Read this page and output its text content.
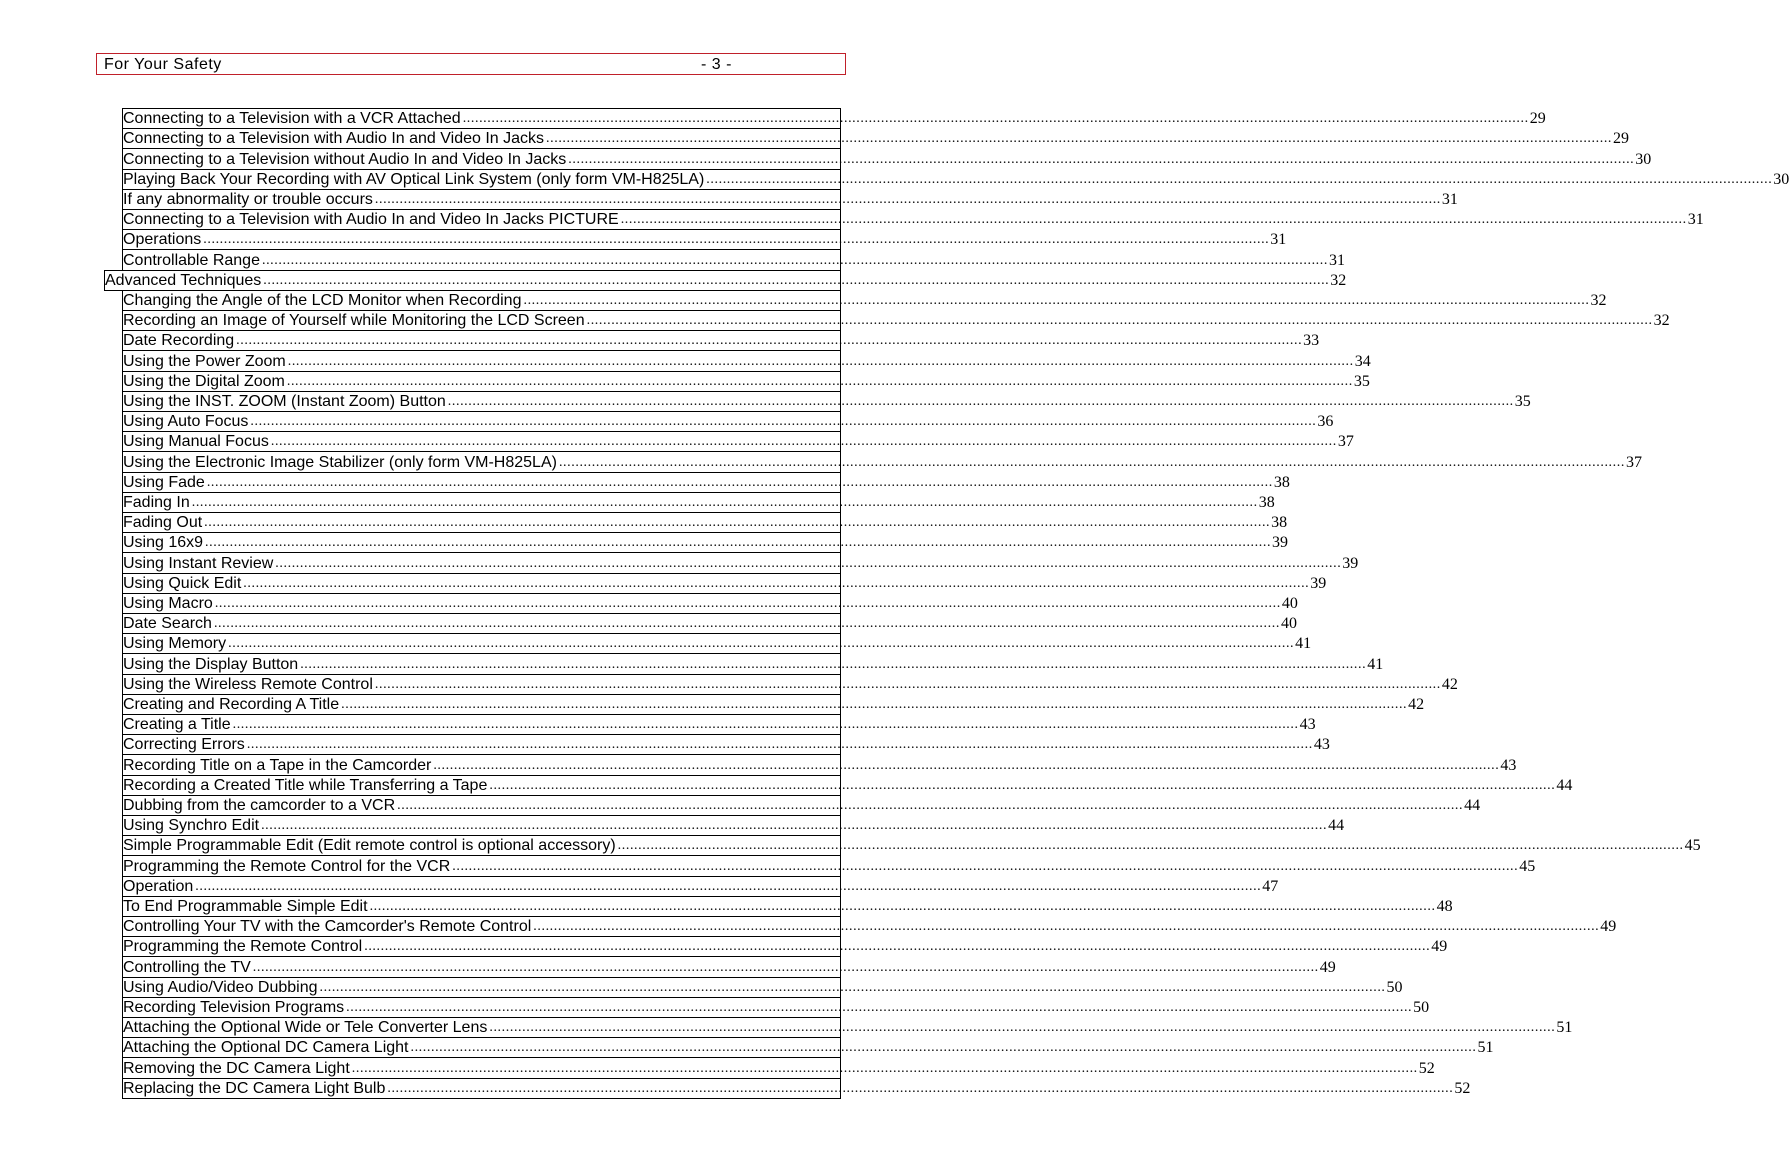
For Your Safety	- 3 -
Connecting to a Television with a VCR Attached .................................................................................................................................................................................................................................................................... 29
Connecting to a Television with Audio In and Video In Jacks .................................................................................................................................................................................................................................................................... 29
Connecting to a Television without Audio In and Video In Jacks .................................................................................................................................................................................................................................................................... 30
Playing Back Your Recording with AV Optical Link System (only form VM-H825LA) .................................................................................................................................................................................................................................................................... 30
If any abnormality or trouble occurs .................................................................................................................................................................................................................................................................... 31
Connecting to a Television with Audio In and Video In Jacks PICTURE .................................................................................................................................................................................................................................................................... 31
Operations .................................................................................................................................................................................................................................................................... 31
Controllable Range .................................................................................................................................................................................................................................................................... 31
Advanced Techniques .................................................................................................................................................................................................................................................................... 32
Changing the Angle of the LCD Monitor when Recording .................................................................................................................................................................................................................................................................... 32
Recording an Image of Yourself while Monitoring the LCD Screen .................................................................................................................................................................................................................................................................... 32
Date Recording .................................................................................................................................................................................................................................................................... 33
Using the Power Zoom .................................................................................................................................................................................................................................................................... 34
Using the Digital Zoom .................................................................................................................................................................................................................................................................... 35
Using the INST. ZOOM (Instant Zoom) Button .................................................................................................................................................................................................................................................................... 35
Using Auto Focus .................................................................................................................................................................................................................................................................... 36
Using Manual Focus .................................................................................................................................................................................................................................................................... 37
Using the Electronic Image Stabilizer (only form VM-H825LA) .................................................................................................................................................................................................................................................................... 37
Using Fade .................................................................................................................................................................................................................................................................... 38
Fading In .................................................................................................................................................................................................................................................................... 38
Fading Out .................................................................................................................................................................................................................................................................... 38
Using 16x9 .................................................................................................................................................................................................................................................................... 39
Using Instant Review .................................................................................................................................................................................................................................................................... 39
Using Quick Edit .................................................................................................................................................................................................................................................................... 39
Using Macro .................................................................................................................................................................................................................................................................... 40
Date Search .................................................................................................................................................................................................................................................................... 40
Using Memory .................................................................................................................................................................................................................................................................... 41
Using the Display Button .................................................................................................................................................................................................................................................................... 41
Using the Wireless Remote Control .................................................................................................................................................................................................................................................................... 42
Creating and Recording A Title .................................................................................................................................................................................................................................................................... 42
Creating a Title .................................................................................................................................................................................................................................................................... 43
Correcting Errors .................................................................................................................................................................................................................................................................... 43
Recording Title on a Tape in the Camcorder .................................................................................................................................................................................................................................................................... 43
Recording a Created Title while Transferring a Tape .................................................................................................................................................................................................................................................................... 44
Dubbing from the camcorder to a VCR .................................................................................................................................................................................................................................................................... 44
Using Synchro Edit .................................................................................................................................................................................................................................................................... 44
Simple Programmable Edit (Edit remote control is optional accessory) .................................................................................................................................................................................................................................................................... 45
Programming the Remote Control for the VCR .................................................................................................................................................................................................................................................................... 45
Operation .................................................................................................................................................................................................................................................................... 47
To End Programmable Simple Edit .................................................................................................................................................................................................................................................................... 48
Controlling Your TV with the Camcorder's Remote Control .................................................................................................................................................................................................................................................................... 49
Programming the Remote Control .................................................................................................................................................................................................................................................................... 49
Controlling the TV .................................................................................................................................................................................................................................................................... 49
Using Audio/Video Dubbing .................................................................................................................................................................................................................................................................... 50
Recording Television Programs .................................................................................................................................................................................................................................................................... 50
Attaching the Optional Wide or Tele Converter Lens .................................................................................................................................................................................................................................................................... 51
Attaching the Optional DC Camera Light .................................................................................................................................................................................................................................................................... 51
Removing the DC Camera Light .................................................................................................................................................................................................................................................................... 52
Replacing the DC Camera Light Bulb .................................................................................................................................................................................................................................................................... 52
